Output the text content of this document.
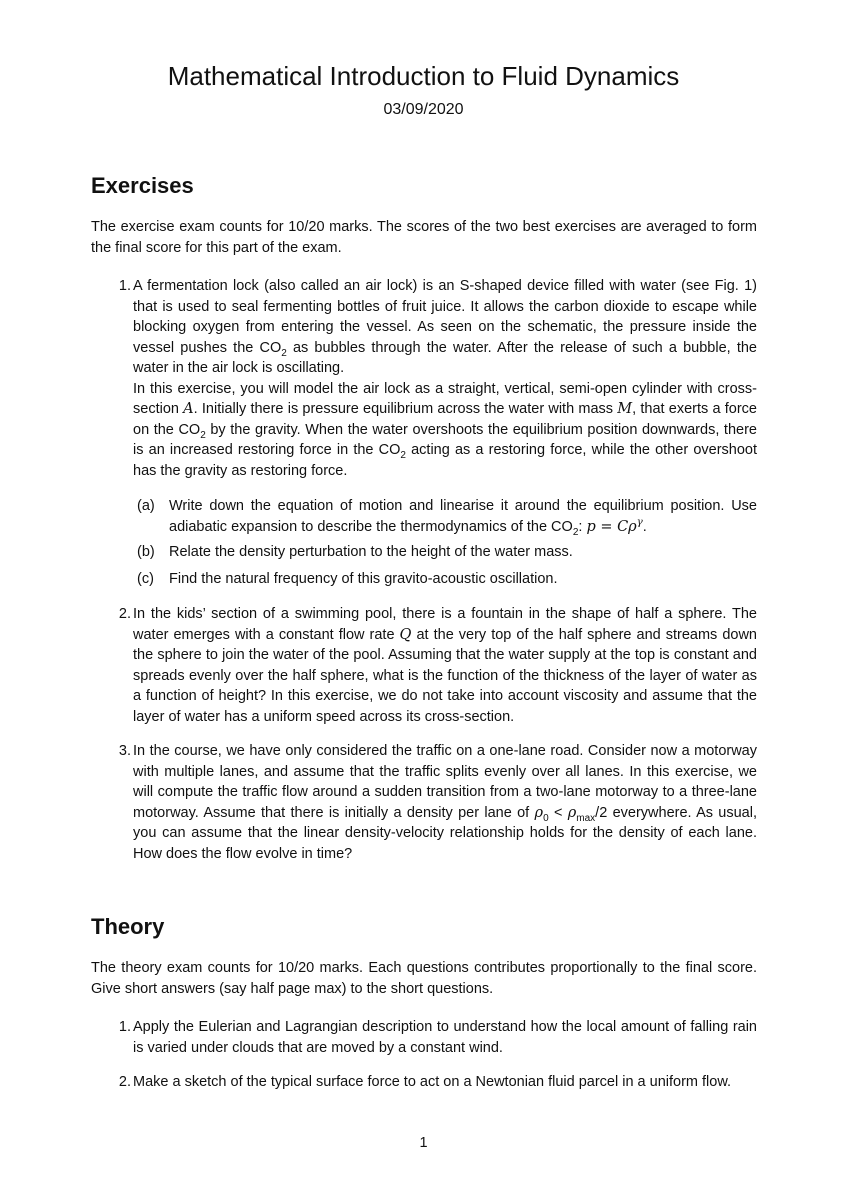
Mathematical Introduction to Fluid Dynamics
03/09/2020
Exercises
The exercise exam counts for 10/20 marks. The scores of the two best exercises are averaged to form the final score for this part of the exam.
1. A fermentation lock (also called an air lock) is an S-shaped device filled with water (see Fig. 1) that is used to seal fermenting bottles of fruit juice. It allows the carbon dioxide to escape while blocking oxygen from entering the vessel. As seen on the schematic, the pressure inside the vessel pushes the $CO_2$ as bubbles through the water. After the release of such a bubble, the water in the air lock is oscillating.
In this exercise, you will model the air lock as a straight, vertical, semi-open cylinder with cross-section A. Initially there is pressure equilibrium across the water with mass M, that exerts a force on the $CO_2$ by the gravity. When the water overshoots the equilibrium position downwards, there is an increased restoring force in the $CO_2$ acting as a restoring force, while the other overshoot has the gravity as restoring force.
(a) Write down the equation of motion and linearise it around the equilibrium position. Use adiabatic expansion to describe the thermodynamics of the $CO_2$: $p = C\rho^\gamma$.
(b) Relate the density perturbation to the height of the water mass.
(c)	Find the natural frequency of this gravito-acoustic oscillation.
2. In the kids’ section of a swimming pool, there is a fountain in the shape of half a sphere. The water emerges with a constant flow rate Q at the very top of the half sphere and streams down the sphere to join the water of the pool. Assuming that the water supply at the top is constant and spreads evenly over the half sphere, what is the function of the thickness of the layer of water as a function of height? In this exercise, we do not take into account viscosity and assume that the layer of water has a uniform speed across its cross-section.
3. In the course, we have only considered the traffic on a one-lane road. Consider now a motorway with multiple lanes, and assume that the traffic splits evenly over all lanes. In this exercise, we will compute the traffic flow around a sudden transition from a two-lane motorway to a three-lane motorway. Assume that there is initially a density per lane of $\rho_0 < \rho_{max}/2$ everywhere. As usual, you can assume that the linear density-velocity relationship holds for the density of each lane. How does the flow evolve in time?
Theory
The theory exam counts for 10/20 marks. Each questions contributes proportionally to the final score. Give short answers (say half page max) to the short questions.
1. Apply the Eulerian and Lagrangian description to understand how the local amount of falling rain is varied under clouds that are moved by a constant wind.
2. Make a sketch of the typical surface force to act on a Newtonian fluid parcel in a uniform flow.
1
